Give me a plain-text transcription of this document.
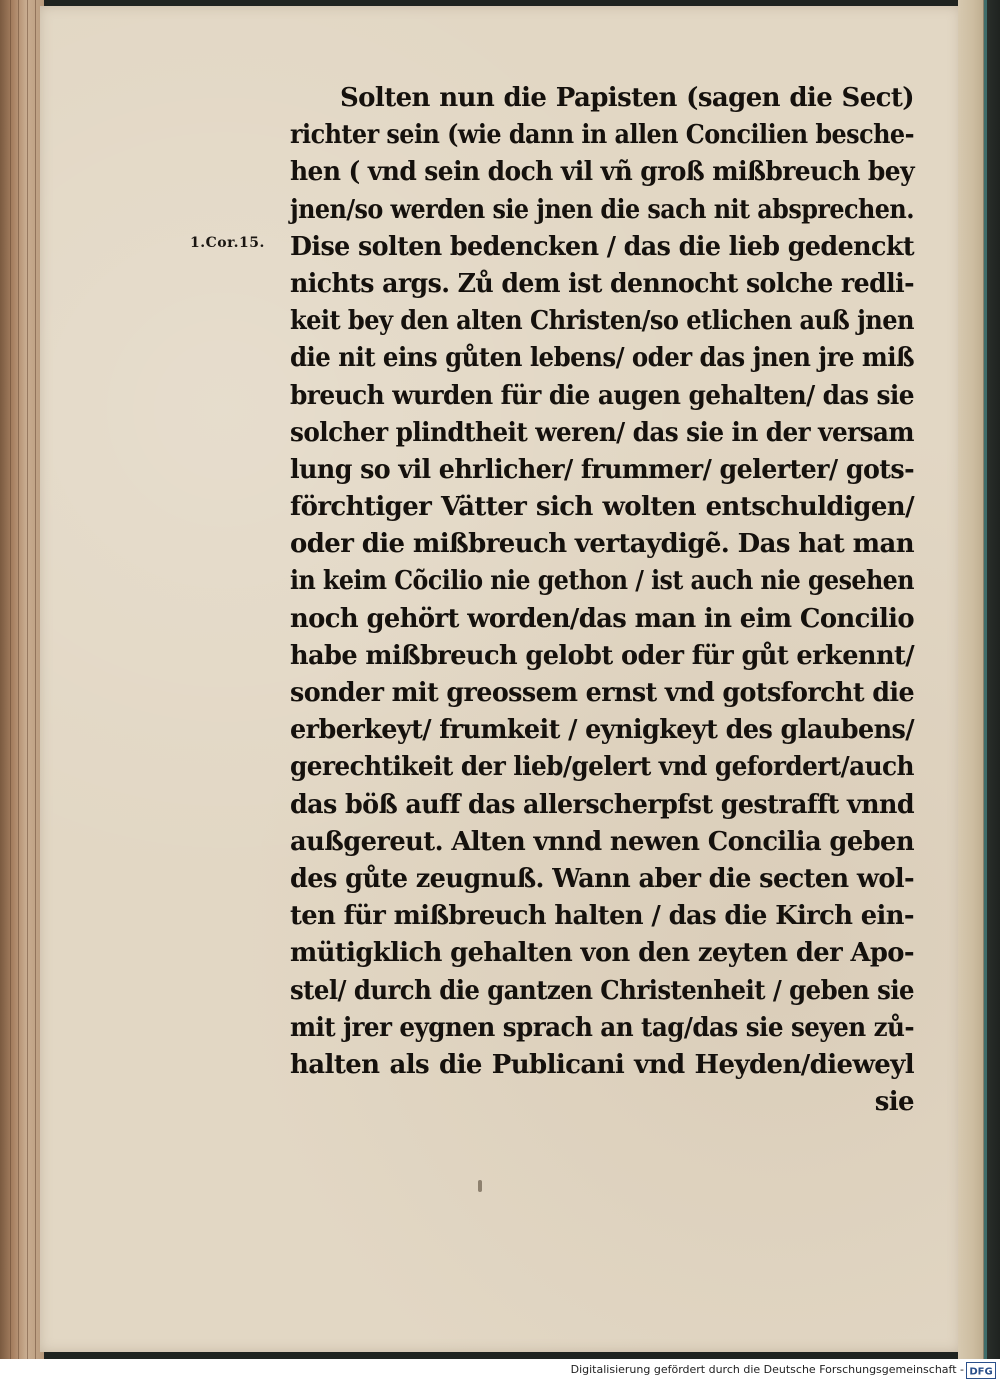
1.Cor.15.
Solten nun die Papisten (sagen die Sect)
richter sein (wie dann in allen Concilien besche-
hen ( vnd sein doch vil vñ groß mißbreuch bey
jnen/so werden sie jnen die sach nit absprechen.
Dise solten bedencken / das die lieb gedenckt
nichts args. Zů dem ist dennocht solche redli-
keit bey den alten Christen/so etlichen auß jnen
die nit eins gůten lebens/ oder das jnen jre miß
breuch wurden für die augen gehalten/ das sie
solcher plindtheit weren/ das sie in der versam
lung so vil ehrlicher/ frummer/ gelerter/ gots-
förchtiger Vätter sich wolten entschuldigen/
oder die mißbreuch vertaydigẽ. Das hat man
in keim Cõcilio nie gethon / ist auch nie gesehen
noch gehört worden/das man in eim Concilio
habe mißbreuch gelobt oder für gůt erkennt/
sonder mit greossem ernst vnd gotsforcht die
erberkeyt/ frumkeit / eynigkeyt des glaubens/
gerechtikeit der lieb/gelert vnd gefordert/auch
das böß auff das allerscherpfst gestrafft vnnd
außgereut. Alten vnnd newen Concilia geben
des gůte zeugnuß. Wann aber die secten wol-
ten für mißbreuch halten / das die Kirch ein-
mütigklich gehalten von den zeyten der Apo-
stel/ durch die gantzen Christenheit / geben sie
mit jrer eygnen sprach an tag/das sie seyen zů-
halten als die Publicani vnd Heyden/dieweyl
sie
Digitalisierung gefördert durch die Deutsche Forschungsgemeinschaft - DFG
